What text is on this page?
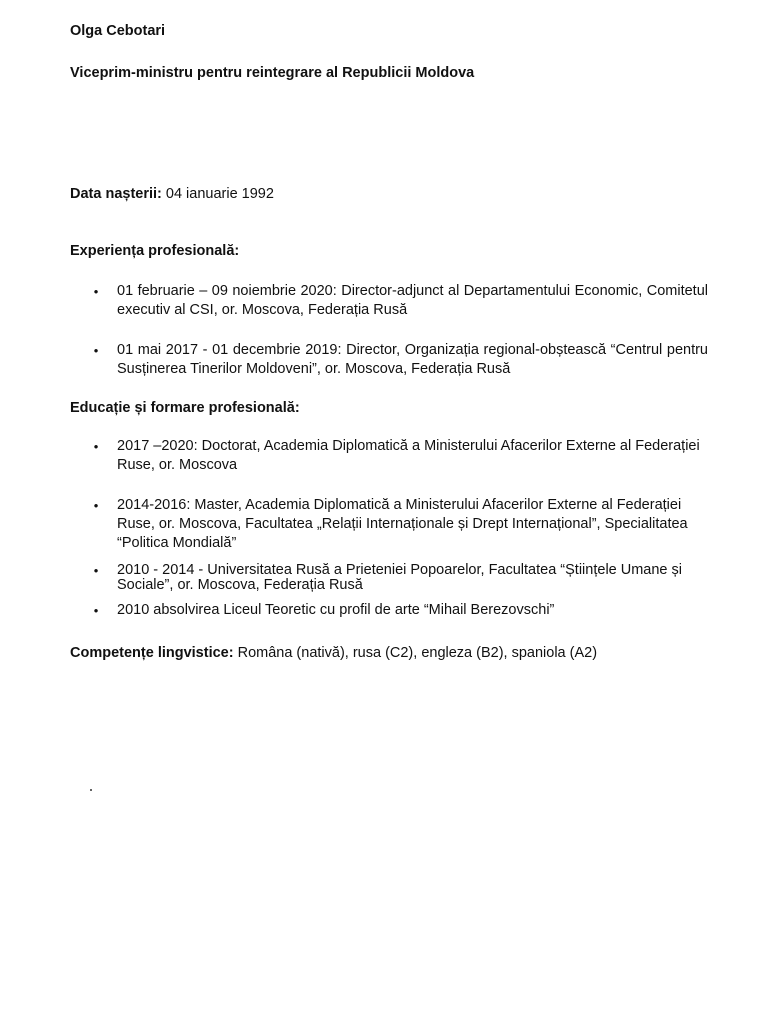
Olga Cebotari
Viceprim-ministru pentru reintegrare al Republicii Moldova
Data nașterii: 04 ianuarie 1992
Experiența profesională:
• 01 februarie – 09 noiembrie 2020: Director-adjunct al Departamentului Economic, Comitetul executiv al CSI, or. Moscova, Federația Rusă
• 01 mai 2017 - 01 decembrie 2019: Director, Organizația regional-obștească “Centrul pentru Susținerea Tinerilor Moldoveni”, or. Moscova, Federația Rusă
Educație și formare profesională:
• 2017 –2020: Doctorat, Academia Diplomatică a Ministerului Afacerilor Externe al Federației Ruse, or. Moscova
• 2014-2016: Master, Academia Diplomatică a Ministerului Afacerilor Externe al Federației Ruse, or. Moscova, Facultatea „Relații Internaționale și Drept Internațional”, Specialitatea “Politica Mondială”
• 2010 - 2014 - Universitatea Rusă a Prieteniei Popoarelor, Facultatea “Științele Umane și Sociale”, or. Moscova, Federația Rusă
• 2010 absolvirea Liceul Teoretic cu profil de arte “Mihail Berezovschi”
Competențe lingvistice: Româna (nativă), rusa (C2), engleza (B2), spaniola (A2)
